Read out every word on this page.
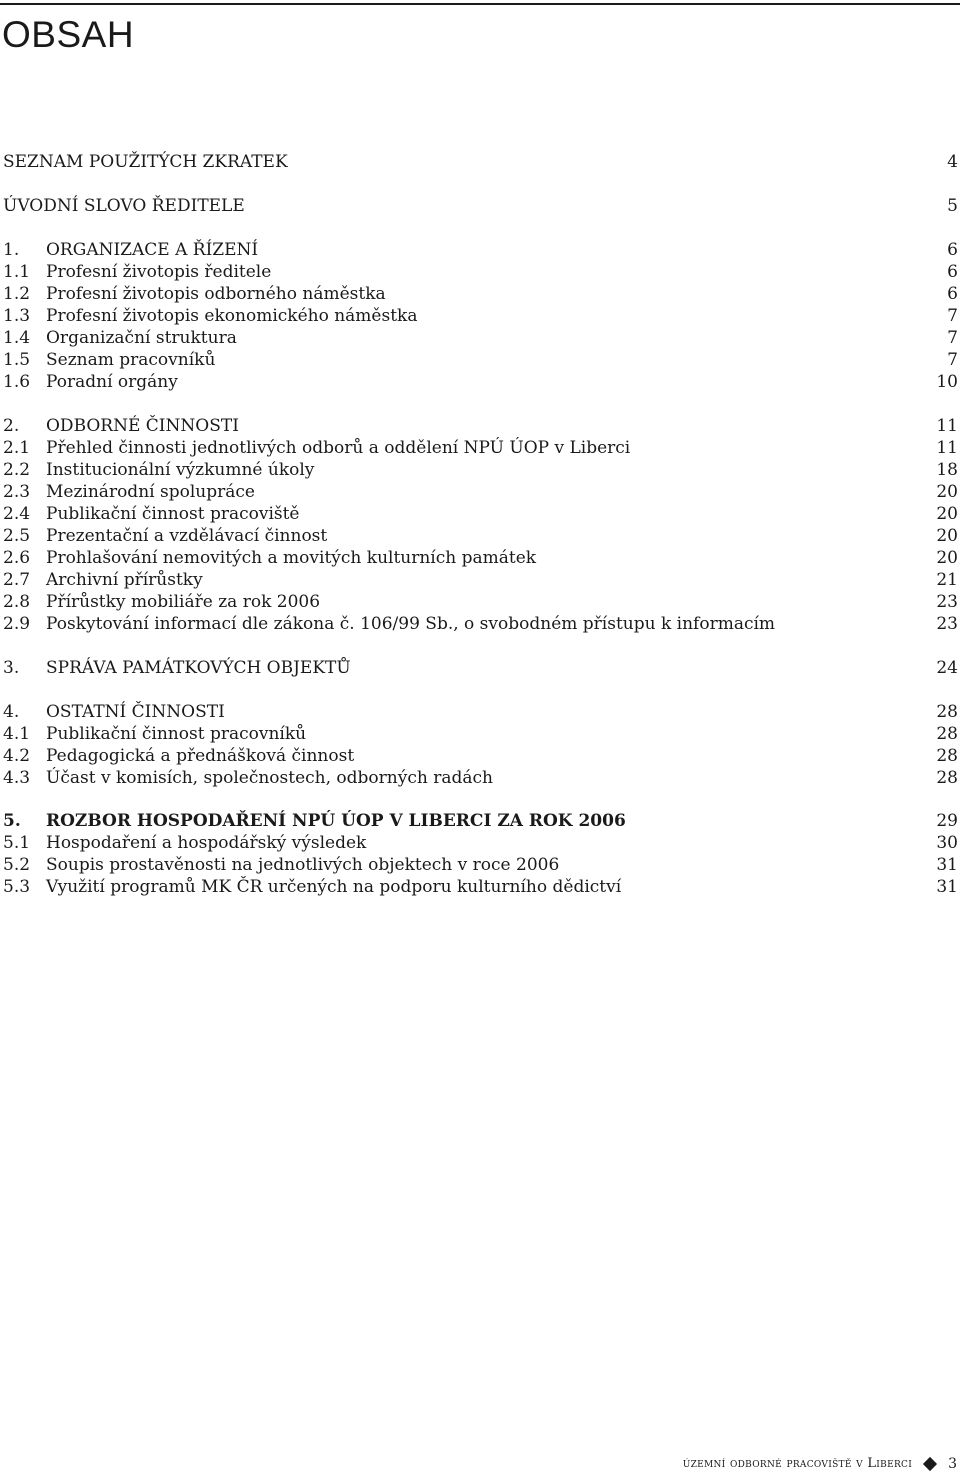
OBSAH
SEZNAM POUŽITÝCH ZKRATEK	4
ÚVODNÍ SLOVO ŘEDITELE	5
1. ORGANIZACE A ŘÍZENÍ	6
1.1 Profesní životopis ředitele	6
1.2 Profesní životopis odborného náměstka	6
1.3 Profesní životopis ekonomického náměstka	7
1.4 Organizační struktura	7
1.5 Seznam pracovníků	7
1.6 Poradní orgány	10
2. ODBORNÉ ČINNOSTI	11
2.1 Přehled činnosti jednotlivých odborů a oddělení NPÚ ÚOP v Liberci	11
2.2 Institucionální výzkumné úkoly	18
2.3 Mezinárodní spolupráce	20
2.4 Publikační činnost pracoviště	20
2.5 Prezentační a vzdělávací činnost	20
2.6 Prohlašování nemovitých a movitých kulturních památek	20
2.7 Archivní přírůstky	21
2.8 Přírůstky mobiliáře za rok 2006	23
2.9 Poskytování informací dle zákona č. 106/99 Sb., o svobodném přístupu k informacím	23
3. SPRÁVA PAMÁTKOVÝCH OBJEKTŮ	24
4. OSTATNÍ ČINNOSTI	28
4.1 Publikační činnost pracovníků	28
4.2 Pedagogická a přednášková činnost	28
4.3 Účast v komisích, společnostech, odborných radách	28
5. ROZBOR HOSPODAŘENÍ NPÚ ÚOP V LIBERCI ZA ROK 2006	29
5.1 Hospodaření a hospodářský výsledek	30
5.2 Soupis prostavěnosti na jednotlivých objektech v roce 2006	31
5.3 Využití programů MK ČR určených na podporu kulturního dědictví	31
územní odborné pracoviště v Liberci	3
